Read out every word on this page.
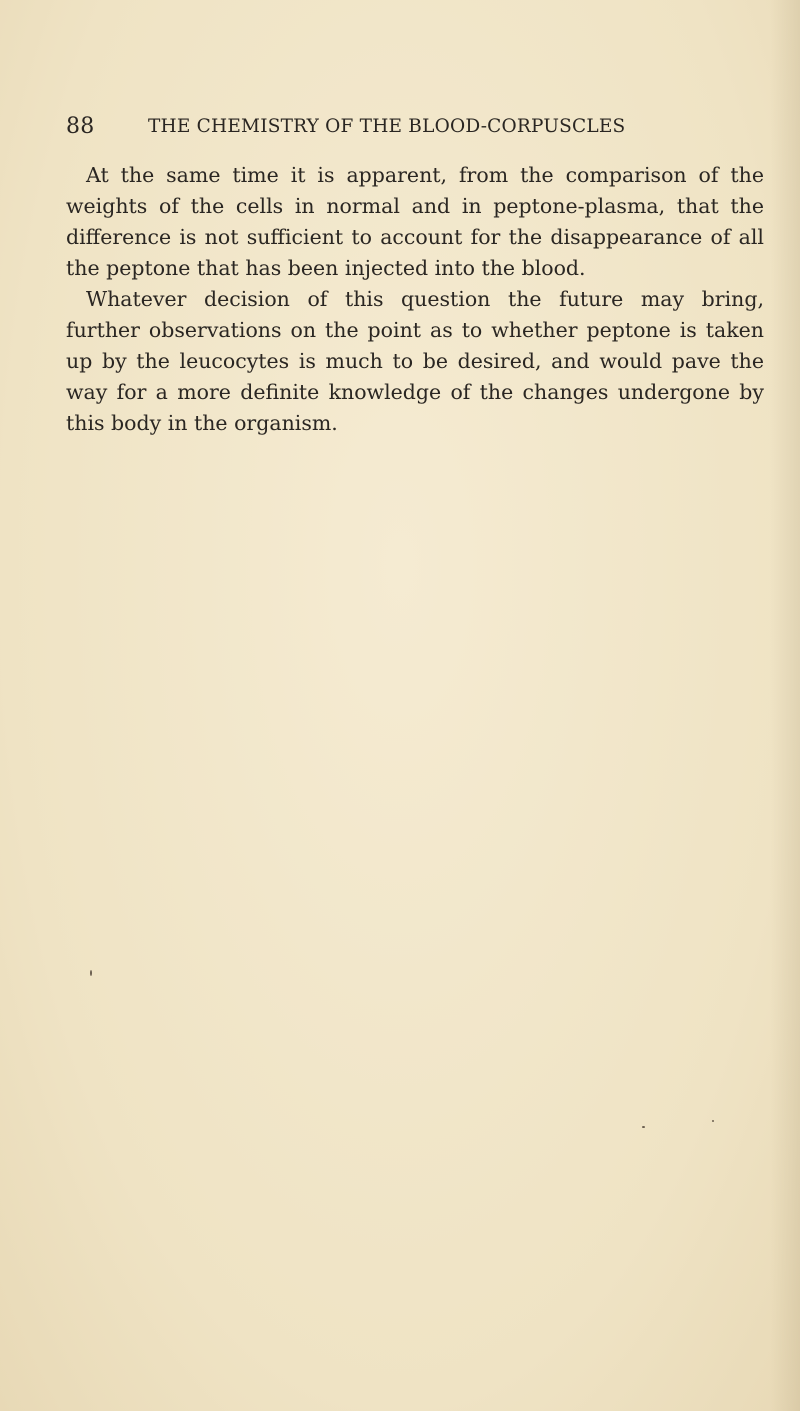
88	THE CHEMISTRY OF THE BLOOD-CORPUSCLES

At the same time it is apparent, from the comparison of the
weights of the cells in normal and in peptone-plasma, that the
difference is not sufficient to account for the disappearance of all
the peptone that has been injected into the blood.

Whatever decision of this question the future may bring,
further observations on the point as to whether peptone is taken
up by the leucocytes is much to be desired, and would pave the
way for a more definite knowledge of the changes undergone by
this body in the organism.
